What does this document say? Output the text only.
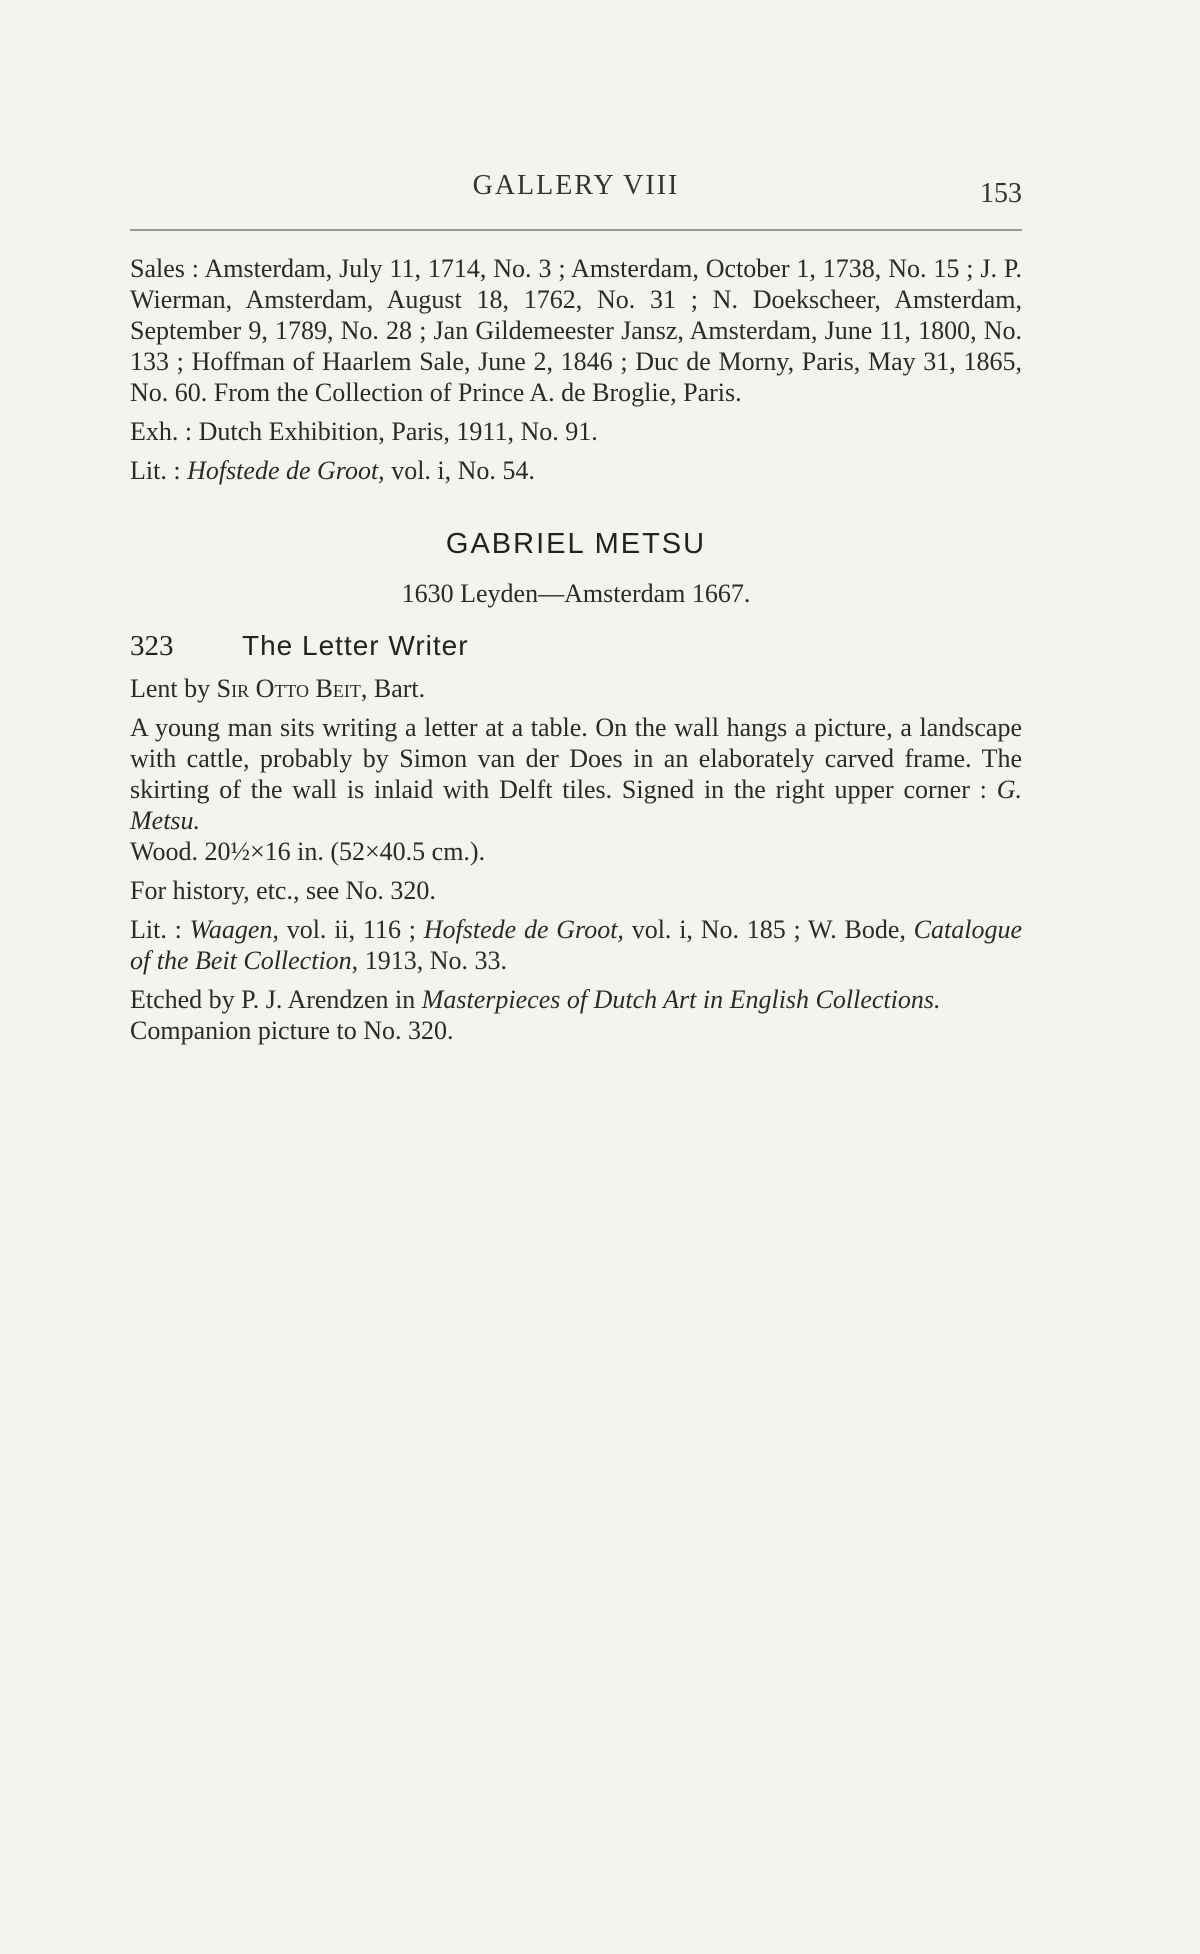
GALLERY VIII	153

Sales : Amsterdam, July 11, 1714, No. 3 ; Amsterdam, October 1, 1738, No. 15 ; J. P. Wierman, Amsterdam, August 18, 1762, No. 31 ; N. Doekscheer, Amsterdam, September 9, 1789, No. 28 ; Jan Gildemeester Jansz, Amsterdam, June 11, 1800, No. 133 ; Hoffman of Haarlem Sale, June 2, 1846 ; Duc de Morny, Paris, May 31, 1865, No. 60. From the Collection of Prince A. de Broglie, Paris.

Exh. : Dutch Exhibition, Paris, 1911, No. 91.

Lit. : Hofstede de Groot, vol. i, No. 54.

GABRIEL METSU
1630 Leyden—Amsterdam 1667.
323 The Letter Writer

Lent by Sir Otto Beit, Bart.

A young man sits writing a letter at a table. On the wall hangs a picture, a landscape with cattle, probably by Simon van der Does in an elaborately carved frame. The skirting of the wall is inlaid with Delft tiles. Signed in the right upper corner : G. Metsu.
Wood. 20½×16 in. (52×40.5 cm.).

For history, etc., see No. 320.

Lit. : Waagen, vol. ii, 116 ; Hofstede de Groot, vol. i, No. 185 ; W. Bode, Catalogue of the Beit Collection, 1913, No. 33.

Etched by P. J. Arendzen in Masterpieces of Dutch Art in English Collections.
Companion picture to No. 320.
